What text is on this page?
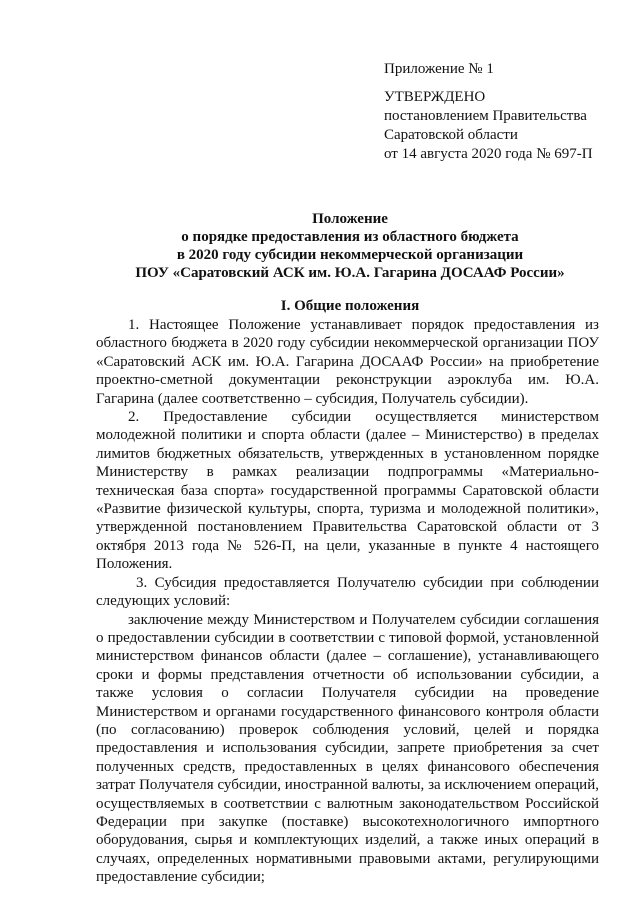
Приложение № 1
УТВЕРЖДЕНО
постановлением Правительства
Саратовской области
от 14 августа 2020 года № 697-П
Положение
о порядке предоставления из областного бюджета
в 2020 году субсидии некоммерческой организации
ПОУ «Саратовский АСК им. Ю.А. Гагарина ДОСААФ России»
I. Общие положения

1. Настоящее Положение устанавливает порядок предоставления из областного бюджета в 2020 году субсидии некоммерческой организации ПОУ «Саратовский АСК им. Ю.А. Гагарина ДОСААФ России» на приобретение проектно-сметной документации реконструкции аэроклуба им. Ю.А. Гагарина (далее соответственно – субсидия, Получатель субсидии).

2. Предоставление субсидии осуществляется министерством молодежной политики и спорта области (далее – Министерство) в пределах лимитов бюджетных обязательств, утвержденных в установленном порядке Министерству в рамках реализации подпрограммы «Материально-техническая база спорта» государственной программы Саратовской области «Развитие физической культуры, спорта, туризма и молодежной политики», утвержденной постановлением Правительства Саратовской области от 3 октября 2013 года № 526-П, на цели, указанные в пункте 4 настоящего Положения.

3. Субсидия предоставляется Получателю субсидии при соблюдении следующих условий:

заключение между Министерством и Получателем субсидии соглашения о предоставлении субсидии в соответствии с типовой формой, установленной министерством финансов области (далее – соглашение), устанавливающего сроки и формы представления отчетности об использовании субсидии, а также условия о согласии Получателя субсидии на проведение Министерством и органами государственного финансового контроля области (по согласованию) проверок соблюдения условий, целей и порядка предоставления и использования субсидии, запрете приобретения за счет полученных средств, предоставленных в целях финансового обеспечения затрат Получателя субсидии, иностранной валюты, за исключением операций, осуществляемых в соответствии с валютным законодательством Российской Федерации при закупке (поставке) высокотехнологичного импортного оборудования, сырья и комплектующих изделий, а также иных операций в случаях, определенных нормативными правовыми актами, регулирующими предоставление субсидии;
